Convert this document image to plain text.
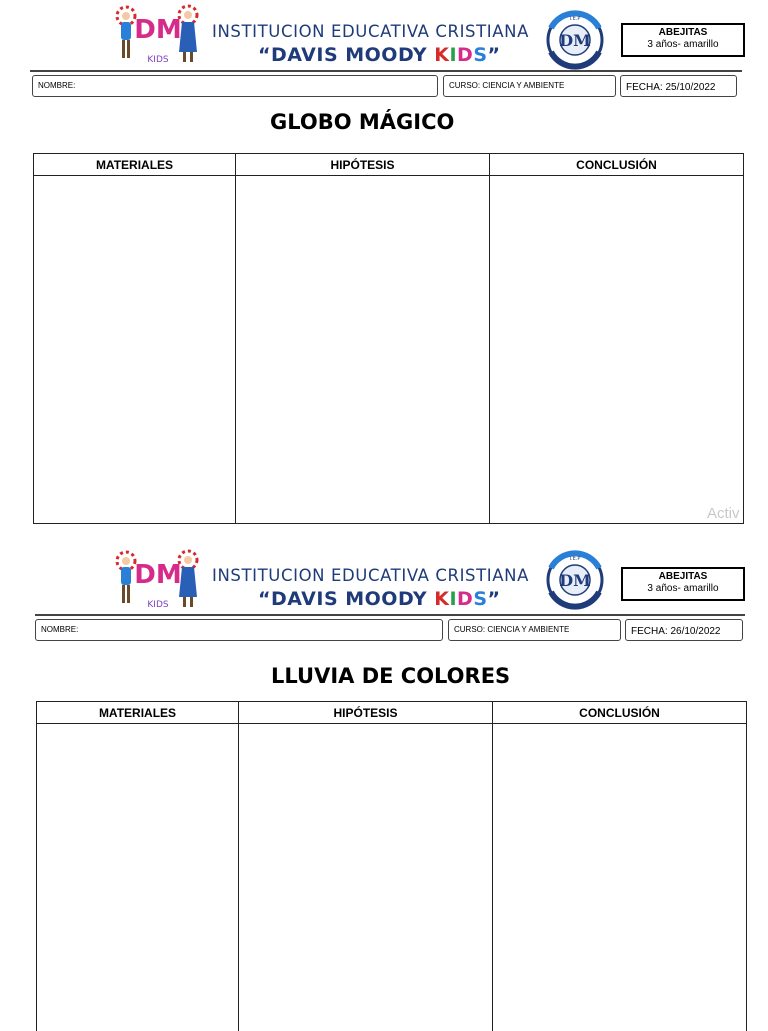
DM
KIDS
INSTITUCION EDUCATIVA CRISTIANA
“DAVIS MOODY KIDS”
DM
I.E.P
ABEJITAS
3 años- amarillo
NOMBRE:	CURSO: CIENCIA Y AMBIENTE	FECHA: 25/10/2022
GLOBO MÁGICO
MATERIALES	HIPÓTESIS	CONCLUSIÓN
Activ
DM
KIDS
INSTITUCION EDUCATIVA CRISTIANA
“DAVIS MOODY KIDS”
DM
I.E.P
ABEJITAS
3 años- amarillo
NOMBRE:	CURSO: CIENCIA Y AMBIENTE	FECHA: 26/10/2022
LLUVIA DE COLORES
MATERIALES	HIPÓTESIS	CONCLUSIÓN
